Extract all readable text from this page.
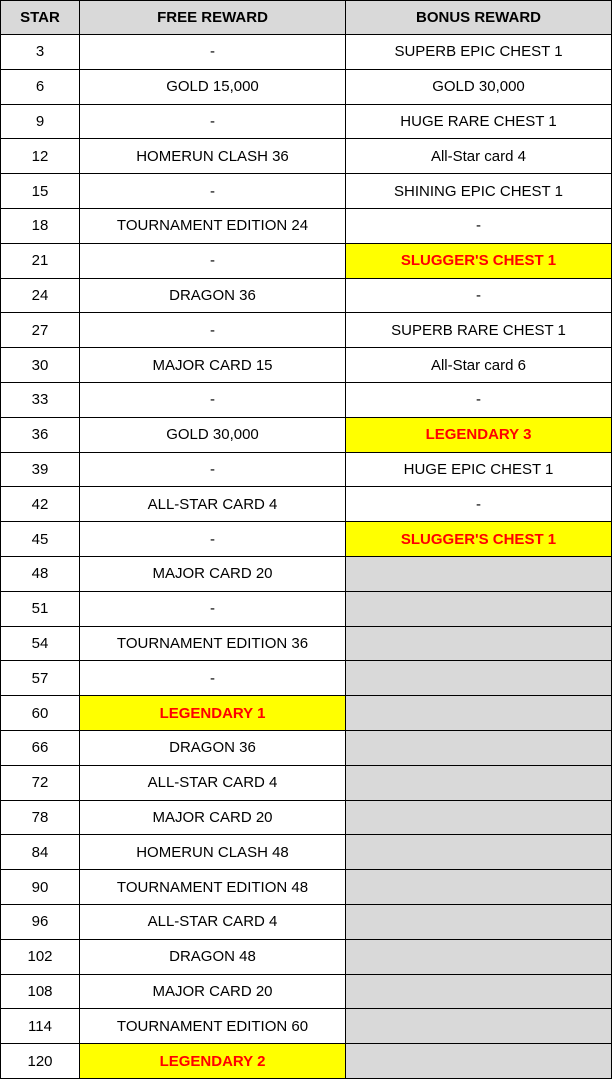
STAR	FREE REWARD	BONUS REWARD
3	-	SUPERB EPIC CHEST 1
6	GOLD 15,000	GOLD 30,000
9	-	HUGE RARE CHEST 1
12	HOMERUN CLASH 36	All-Star card 4
15	-	SHINING EPIC CHEST 1
18	TOURNAMENT EDITION 24	-
21	-	SLUGGER'S CHEST 1
24	DRAGON 36	-
27	-	SUPERB RARE CHEST 1
30	MAJOR CARD 15	All-Star card 6
33	-	-
36	GOLD 30,000	LEGENDARY 3
39	-	HUGE EPIC CHEST 1
42	ALL-STAR CARD 4	-
45	-	SLUGGER'S CHEST 1
48	MAJOR CARD 20	
51	-	
54	TOURNAMENT EDITION 36	
57	-	
60	LEGENDARY 1	
66	DRAGON 36	
72	ALL-STAR CARD 4	
78	MAJOR CARD 20	
84	HOMERUN CLASH 48	
90	TOURNAMENT EDITION 48	
96	ALL-STAR CARD 4	
102	DRAGON 48	
108	MAJOR CARD 20	
114	TOURNAMENT EDITION 60	
120	LEGENDARY 2	
